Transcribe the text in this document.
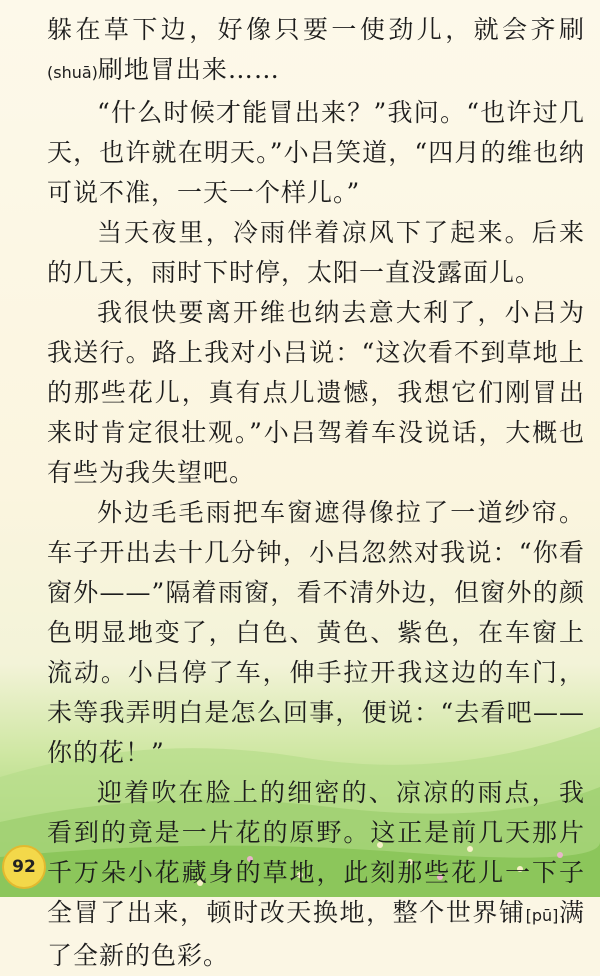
躲在草下边，好像只要一使劲儿，就会齐刷(shuā)刷地冒出来……

“什么时候才能冒出来？”我问。“也许过几天，也许就在明天。”小吕笑道，“四月的维也纳可说不准，一天一个样儿。”

当天夜里，冷雨伴着凉风下了起来。后来的几天，雨时下时停，太阳一直没露面儿。

我很快要离开维也纳去意大利了，小吕为我送行。路上我对小吕说：“这次看不到草地上的那些花儿，真有点儿遗憾，我想它们刚冒出来时肯定很壮观。”小吕驾着车没说话，大概也有些为我失望吧。

外边毛毛雨把车窗遮得像拉了一道纱帘。车子开出去十几分钟，小吕忽然对我说：“你看窗外——”隔着雨窗，看不清外边，但窗外的颜色明显地变了，白色、黄色、紫色，在车窗上流动。小吕停了车，伸手拉开我这边的车门，未等我弄明白是怎么回事，便说：“去看吧——你的花！”

迎着吹在脸上的细密的、凉凉的雨点，我看到的竟是一片花的原野。这正是前几天那片千万朵小花藏身的草地，此刻那些花儿一下子全冒了出来，顿时改天换地，整个世界铺[pū]满了全新的色彩。

92
